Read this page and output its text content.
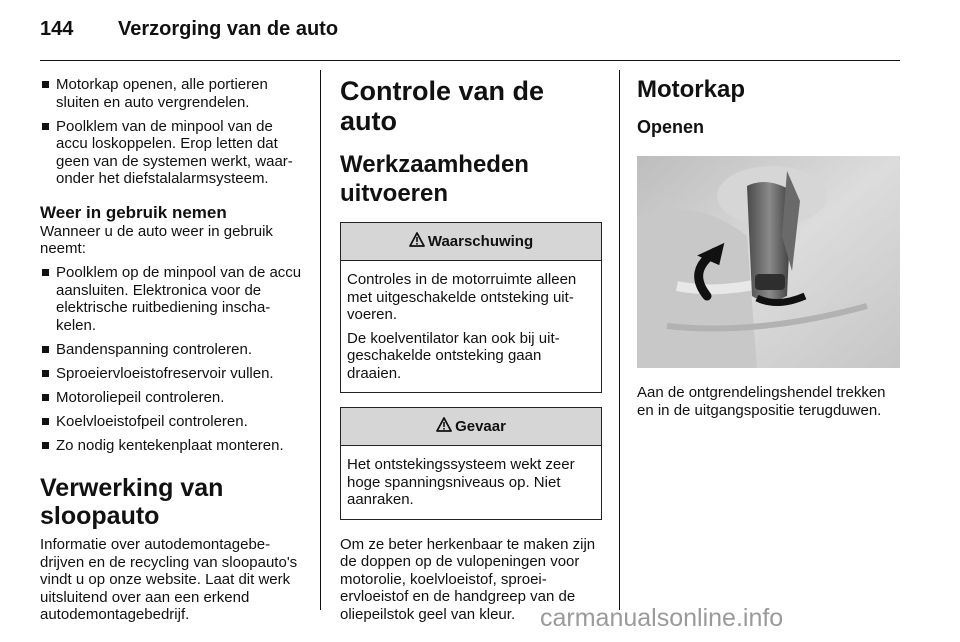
144 Verzorging van de auto
Motorkap openen, alle portieren sluiten en auto vergrendelen.
Poolklem van de minpool van de accu loskoppelen. Erop letten dat geen van de systemen werkt, waaronder het diefstalalarmsysteem.
Weer in gebruik nemen

Wanneer u de auto weer in gebruik neemt:

Poolklem op de minpool van de accu aansluiten. Elektronica voor de elektrische ruitbediening inschakelen.
Bandenspanning controleren.
Sproeiervloeistofreservoir vullen.
Motoroliepeil controleren.
Koelvloeistofpeil controleren.
Zo nodig kentekenplaat monteren.
Verwerking van sloopauto

Informatie over autodemontagebedrijven en de recycling van sloopauto's vindt u op onze website. Laat dit werk uitsluitend over aan een erkend autodemontagebedrijf.

Controle van de auto
Werkzaamheden uitvoeren
Waarschuwing

Controles in de motorruimte alleen met uitgeschakelde ontsteking uitvoeren.

De koelventilator kan ook bij uitgeschakelde ontsteking gaan draaien.

Gevaar

Het ontstekingssysteem wekt zeer hoge spanningsniveaus op. Niet aanraken.

Om ze beter herkenbaar te maken zijn de doppen op de vulopeningen voor motorolie, koelvloeistof, sproeiervloeistof en de handgreep van de oliepeilstok geel van kleur.

Motorkap
Openen
Aan de ontgrendelingshendel trekken en in de uitgangspositie terugduwen.
carmanualsonline.info
